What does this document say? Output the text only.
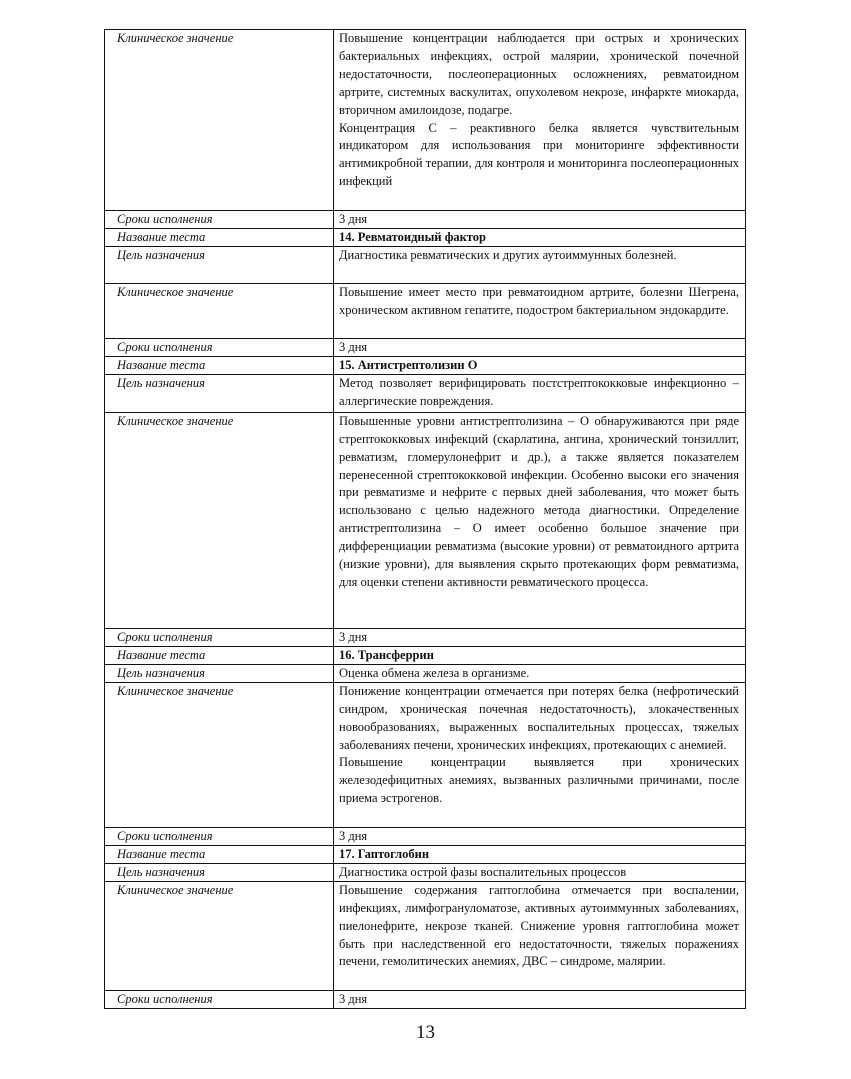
Клиническое значение	Повышение концентрации наблюдается при острых и хронических бактериальных инфекциях, острой малярии, хронической почечной недостаточности, послеоперационных осложнениях, ревматоидном артрите, системных васкулитах, опухолевом некрозе, инфаркте миокарда, вторичном амилоидозе, подагре.

Концентрация С – реактивного белка является чувствительным индикатором для использования при мониторинге эффективности антимикробной терапии, для контроля и мониторинга послеоперационных инфекций

Сроки исполнения	3 дня
Название теста	14. Ревматоидный фактор
Цель назначения	Диагностика ревматических и других аутоиммунных болезней.
Клиническое значение	Повышение имеет место при ревматоидном артрите, болезни Шегрена, хроническом активном гепатите, подостром бактериальном эндокардите.
Сроки исполнения	3 дня
Название теста	15. Антистрептолизин О
Цель назначения	Метод позволяет верифицировать постстрептококковые инфекционно – аллергические повреждения.
Клиническое значение	Повышенные уровни антистрептолизина – О обнаруживаются при ряде стрептококковых инфекций (скарлатина, ангина, хронический тонзиллит, ревматизм, гломерулонефрит и др.), а также является показателем перенесенной стрептококковой инфекции. Особенно высоки его значения при ревматизме и нефрите с первых дней заболевания, что может быть использовано с целью надежного метода диагностики. Определение антистрептолизина – О имеет особенно большое значение при дифференциации ревматизма (высокие уровни) от ревматоидного артрита (низкие уровни), для выявления скрыто протекающих форм ревматизма, для оценки степени активности ревматического процесса.
Сроки исполнения	3 дня
Название теста	16. Трансферрин
Цель назначения	Оценка обмена железа в организме.
Клиническое значение	Понижение концентрации отмечается при потерях белка (нефротический синдром, хроническая почечная недостаточность), злокачественных новообразованиях, выраженных воспалительных процессах, тяжелых заболеваниях печени, хронических инфекциях, протекающих с анемией.

Повышение концентрации выявляется при хронических железодефицитных анемиях, вызванных различными причинами, после приема эстрогенов.

Сроки исполнения	3 дня
Название теста	17. Гаптоглобин
Цель назначения	Диагностика острой фазы воспалительных процессов
Клиническое значение	Повышение содержания гаптоглобина отмечается при воспалении, инфекциях, лимфогрануломатозе, активных аутоиммунных заболеваниях, пиелонефрите, некрозе тканей. Снижение уровня гаптоглобина может быть при наследственной его недостаточности, тяжелых поражениях печени, гемолитических анемиях, ДВС – синдроме, малярии.
Сроки исполнения	3 дня
13
